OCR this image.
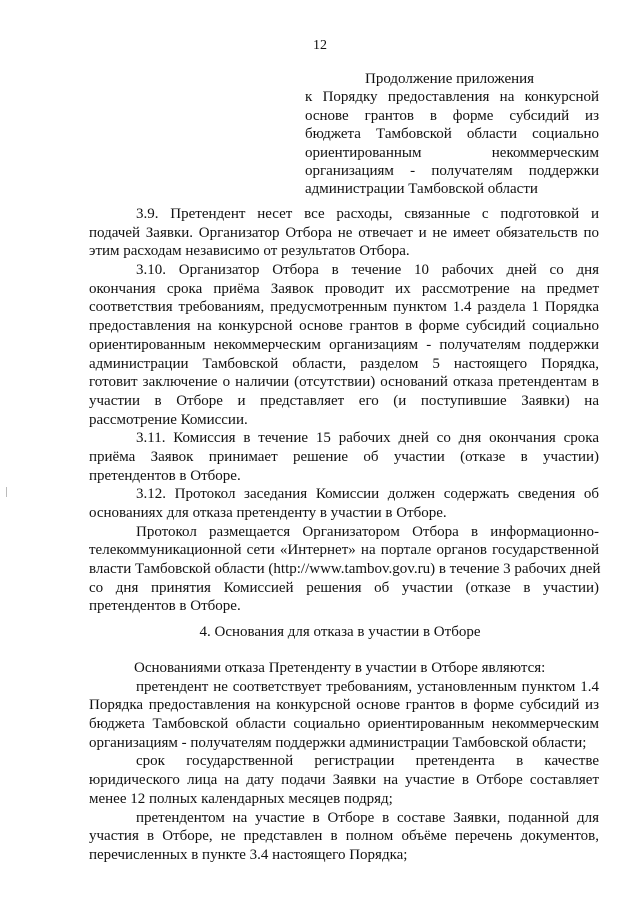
12
Продолжение приложения
к Порядку предоставления на конкурсной
основе грантов в форме субсидий из
бюджета Тамбовской области социально
ориентированным некоммерческим
организациям - получателям поддержки
администрации Тамбовской области
3.9. Претендент несет все расходы, связанные с подготовкой и
подачей Заявки. Организатор Отбора не отвечает и не имеет обязательств по
этим расходам независимо от результатов Отбора.
3.10. Организатор Отбора в течение 10 рабочих дней со дня
окончания срока приёма Заявок проводит их рассмотрение на предмет
соответствия требованиям, предусмотренным пунктом 1.4 раздела 1 Порядка
предоставления на конкурсной основе грантов в форме субсидий социально
ориентированным некоммерческим организациям - получателям поддержки
администрации Тамбовской области, разделом 5 настоящего Порядка,
готовит заключение о наличии (отсутствии) оснований отказа претендентам в
участии в Отборе и представляет его (и поступившие Заявки) на
рассмотрение Комиссии.
3.11. Комиссия в течение 15 рабочих дней со дня окончания срока
приёма Заявок принимает решение об участии (отказе в участии)
претендентов в Отборе.
3.12. Протокол заседания Комиссии должен содержать сведения об
основаниях для отказа претенденту в участии в Отборе.
Протокол размещается Организатором Отбора в информационно-
телекоммуникационной сети «Интернет» на портале органов государственной
власти Тамбовской области (http://www.tambov.gov.ru) в течение 3 рабочих дней
со дня принятия Комиссией решения об участии (отказе в участии)
претендентов в Отборе.
4. Основания для отказа в участии в Отборе
Основаниями отказа Претенденту в участии в Отборе являются:
претендент не соответствует требованиям, установленным пунктом 1.4
Порядка предоставления на конкурсной основе грантов в форме субсидий из
бюджета Тамбовской области социально ориентированным некоммерческим
организациям - получателям поддержки администрации Тамбовской области;
срок государственной регистрации претендента в качестве
юридического лица на дату подачи Заявки на участие в Отборе составляет
менее 12 полных календарных месяцев подряд;
претендентом на участие в Отборе в составе Заявки, поданной для
участия в Отборе, не представлен в полном объёме перечень документов,
перечисленных в пункте 3.4 настоящего Порядка;
